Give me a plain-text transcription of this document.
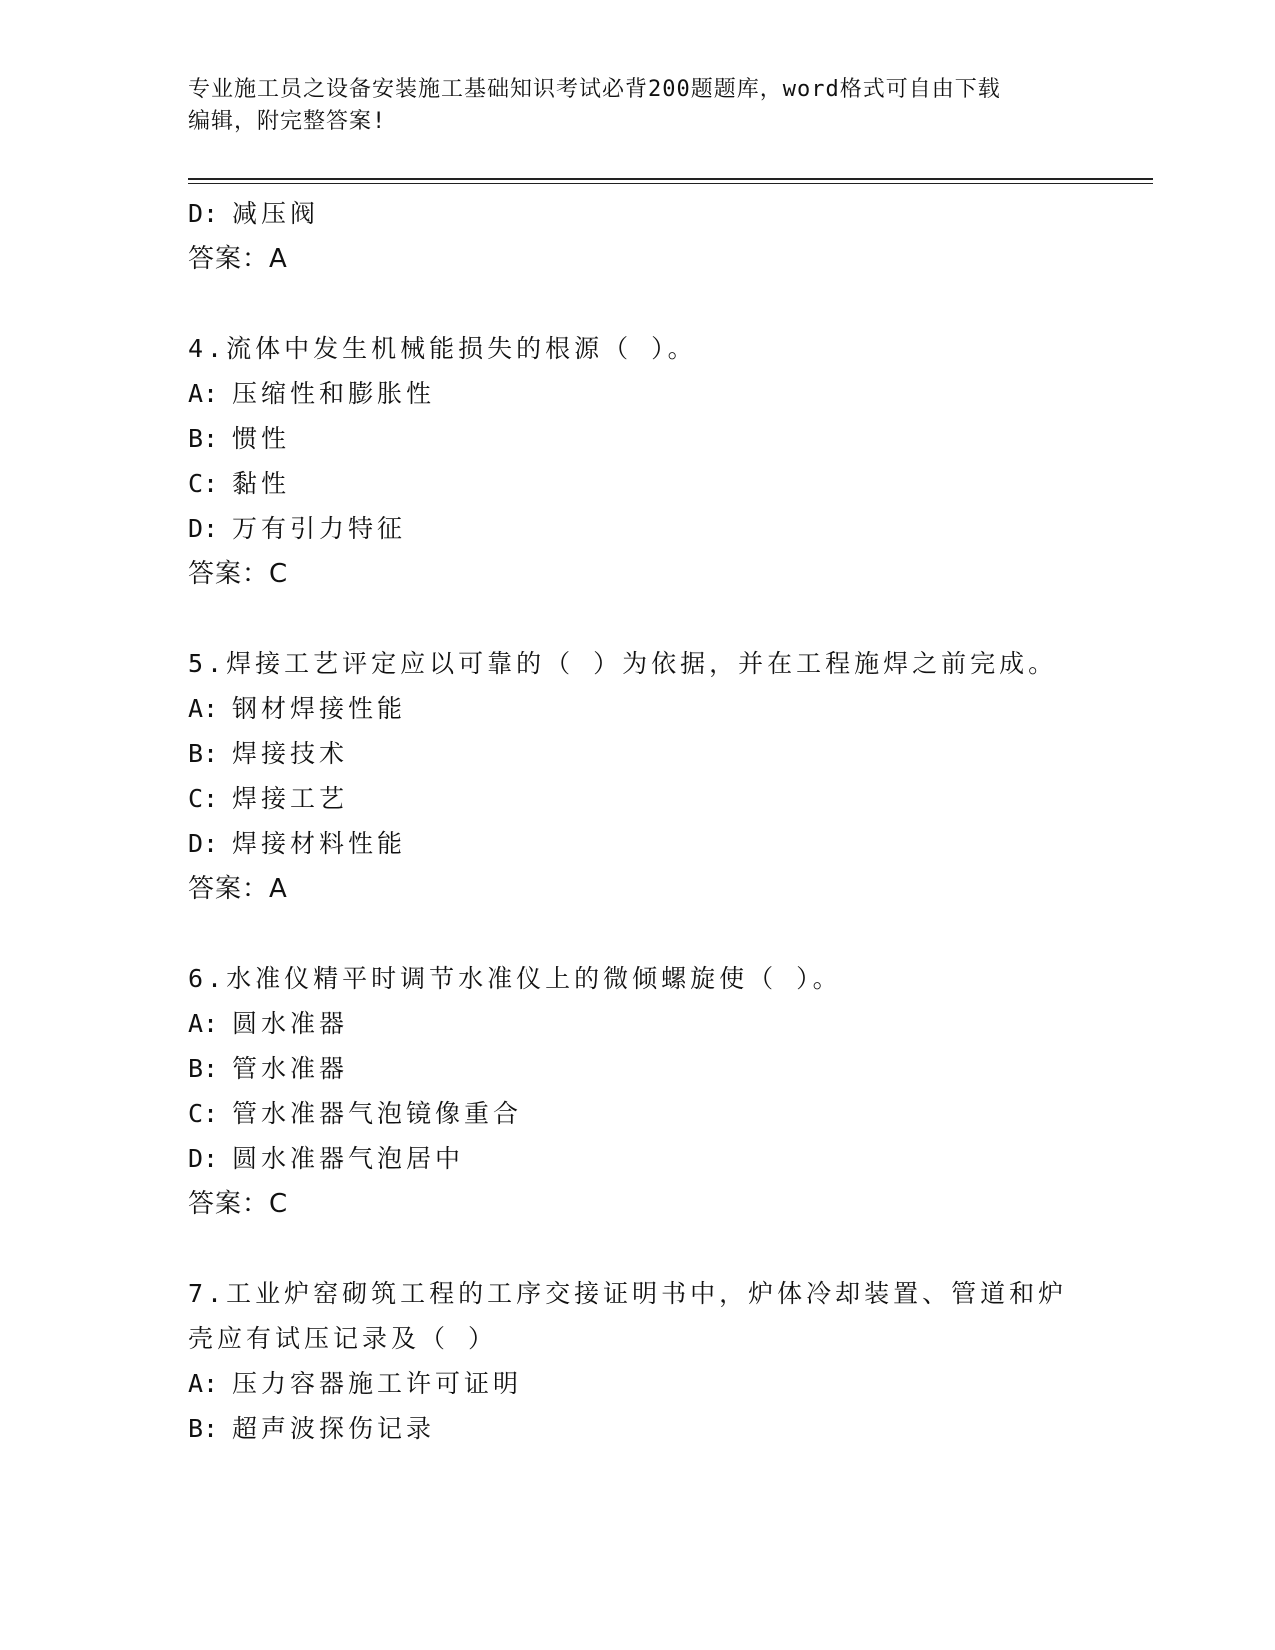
专业施工员之设备安装施工基础知识考试必背200题题库，word格式可自由下载
编辑，附完整答案!
D: 减压阀
答案：A
4.流体中发生机械能损失的根源（ ）。
A: 压缩性和膨胀性
B: 惯性
C: 黏性
D: 万有引力特征
答案：C
5.焊接工艺评定应以可靠的（ ）为依据，并在工程施焊之前完成。
A: 钢材焊接性能
B: 焊接技术
C: 焊接工艺
D: 焊接材料性能
答案：A
6.水准仪精平时调节水准仪上的微倾螺旋使（ ）。
A: 圆水准器
B: 管水准器
C: 管水准器气泡镜像重合
D: 圆水准器气泡居中
答案：C
7.工业炉窑砌筑工程的工序交接证明书中，炉体冷却装置、管道和炉壳应有试压记录及（ ）
A: 压力容器施工许可证明
B: 超声波探伤记录
